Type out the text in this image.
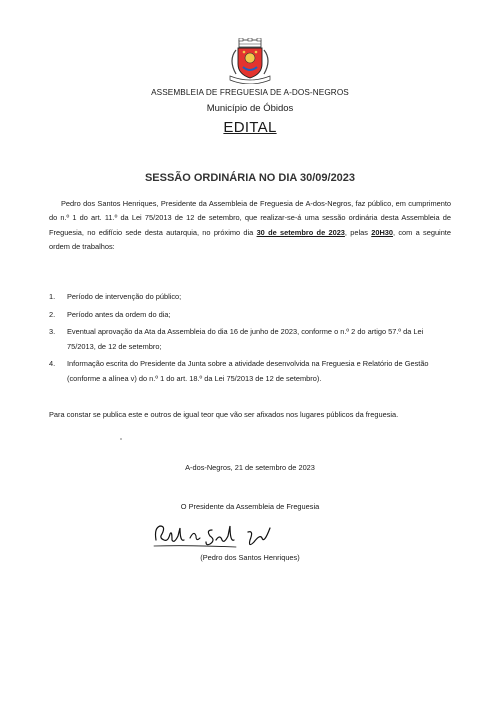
ASSEMBLEIA DE FREGUESIA DE A-DOS-NEGROS
Município de Óbidos
EDITAL
SESSÃO ORDINÁRIA NO DIA 30/09/2023
Pedro dos Santos Henriques, Presidente da Assembleia de Freguesia de A-dos-Negros, faz público, em cumprimento do n.º 1 do art. 11.º da Lei 75/2013 de 12 de setembro, que realizar-se-á uma sessão ordinária desta Assembleia de Freguesia, no edifício sede desta autarquia, no próximo dia 30 de setembro de 2023, pelas 20H30, com a seguinte ordem de trabalhos:
1. Período de intervenção do público;
2. Período antes da ordem do dia;
3. Eventual aprovação da Ata da Assembleia do dia 16 de junho de 2023, conforme o n.º 2 do artigo 57.º da Lei 75/2013, de 12 de setembro;
4. Informação escrita do Presidente da Junta sobre a atividade desenvolvida na Freguesia e Relatório de Gestão (conforme a alínea v) do n.º 1 do art. 18.º da Lei 75/2013 de 12 de setembro).
Para constar se publica este e outros de igual teor que vão ser afixados nos lugares públicos da freguesia.
A-dos-Negros, 21 de setembro de 2023
O Presidente da Assembleia de Freguesia
(Pedro dos Santos Henriques)
